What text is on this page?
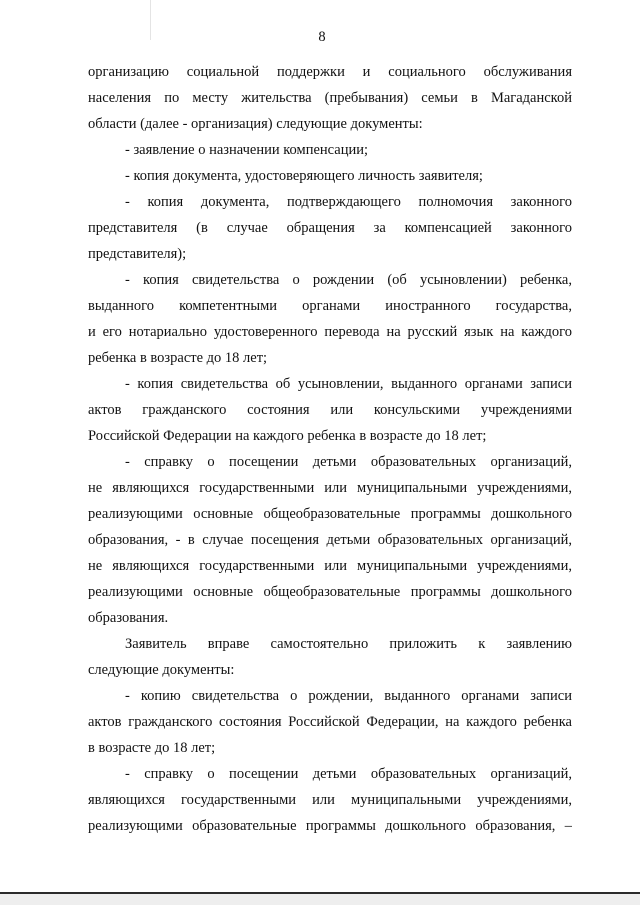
8
организацию социальной поддержки и социального обслуживания
населения по месту жительства (пребывания) семьи в Магаданской
области (далее - организация) следующие документы:
- заявление о назначении компенсации;
- копия документа, удостоверяющего личность заявителя;
- копия документа, подтверждающего полномочия законного
представителя (в случае обращения за компенсацией законного
представителя);
- копия свидетельства о рождении (об усыновлении) ребенка,
выданного компетентными органами иностранного государства,
и его нотариально удостоверенного перевода на русский язык на каждого
ребенка в возрасте до 18 лет;
- копия свидетельства об усыновлении, выданного органами записи
актов гражданского состояния или консульскими учреждениями
Российской Федерации на каждого ребенка в возрасте до 18 лет;
- справку о посещении детьми образовательных организаций,
не являющихся государственными или муниципальными учреждениями,
реализующими основные общеобразовательные программы дошкольного
образования, - в случае посещения детьми образовательных организаций,
не являющихся государственными или муниципальными учреждениями,
реализующими основные общеобразовательные программы дошкольного
образования.
Заявитель вправе самостоятельно приложить к заявлению
следующие документы:
- копию свидетельства о рождении, выданного органами записи
актов гражданского состояния Российской Федерации, на каждого ребенка
в возрасте до 18 лет;
- справку о посещении детьми образовательных организаций,
являющихся государственными или муниципальными учреждениями,
реализующими образовательные программы дошкольного образования, –
